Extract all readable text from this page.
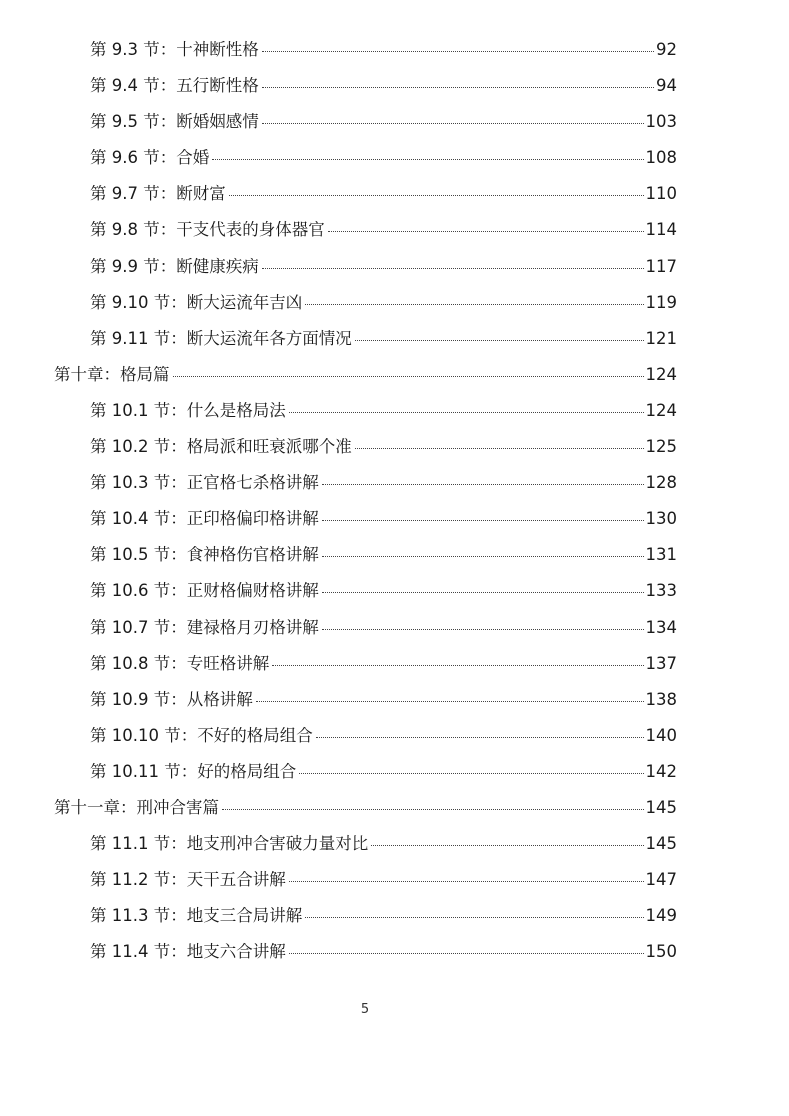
第 9.3 节：十神断性格	92
第 9.4 节：五行断性格	94
第 9.5 节：断婚姻感情	103
第 9.6 节：合婚	108
第 9.7 节：断财富	110
第 9.8 节：干支代表的身体器官	114
第 9.9 节：断健康疾病	117
第 9.10 节：断大运流年吉凶	119
第 9.11 节：断大运流年各方面情况	121
第十章：格局篇	124
第 10.1 节：什么是格局法	124
第 10.2 节：格局派和旺衰派哪个准	125
第 10.3 节：正官格七杀格讲解	128
第 10.4 节：正印格偏印格讲解	130
第 10.5 节：食神格伤官格讲解	131
第 10.6 节：正财格偏财格讲解	133
第 10.7 节：建禄格月刃格讲解	134
第 10.8 节：专旺格讲解	137
第 10.9 节：从格讲解	138
第 10.10 节：不好的格局组合	140
第 10.11 节：好的格局组合	142
第十一章：刑冲合害篇	145
第 11.1 节：地支刑冲合害破力量对比	145
第 11.2 节：天干五合讲解	147
第 11.3 节：地支三合局讲解	149
第 11.4 节：地支六合讲解	150
5
